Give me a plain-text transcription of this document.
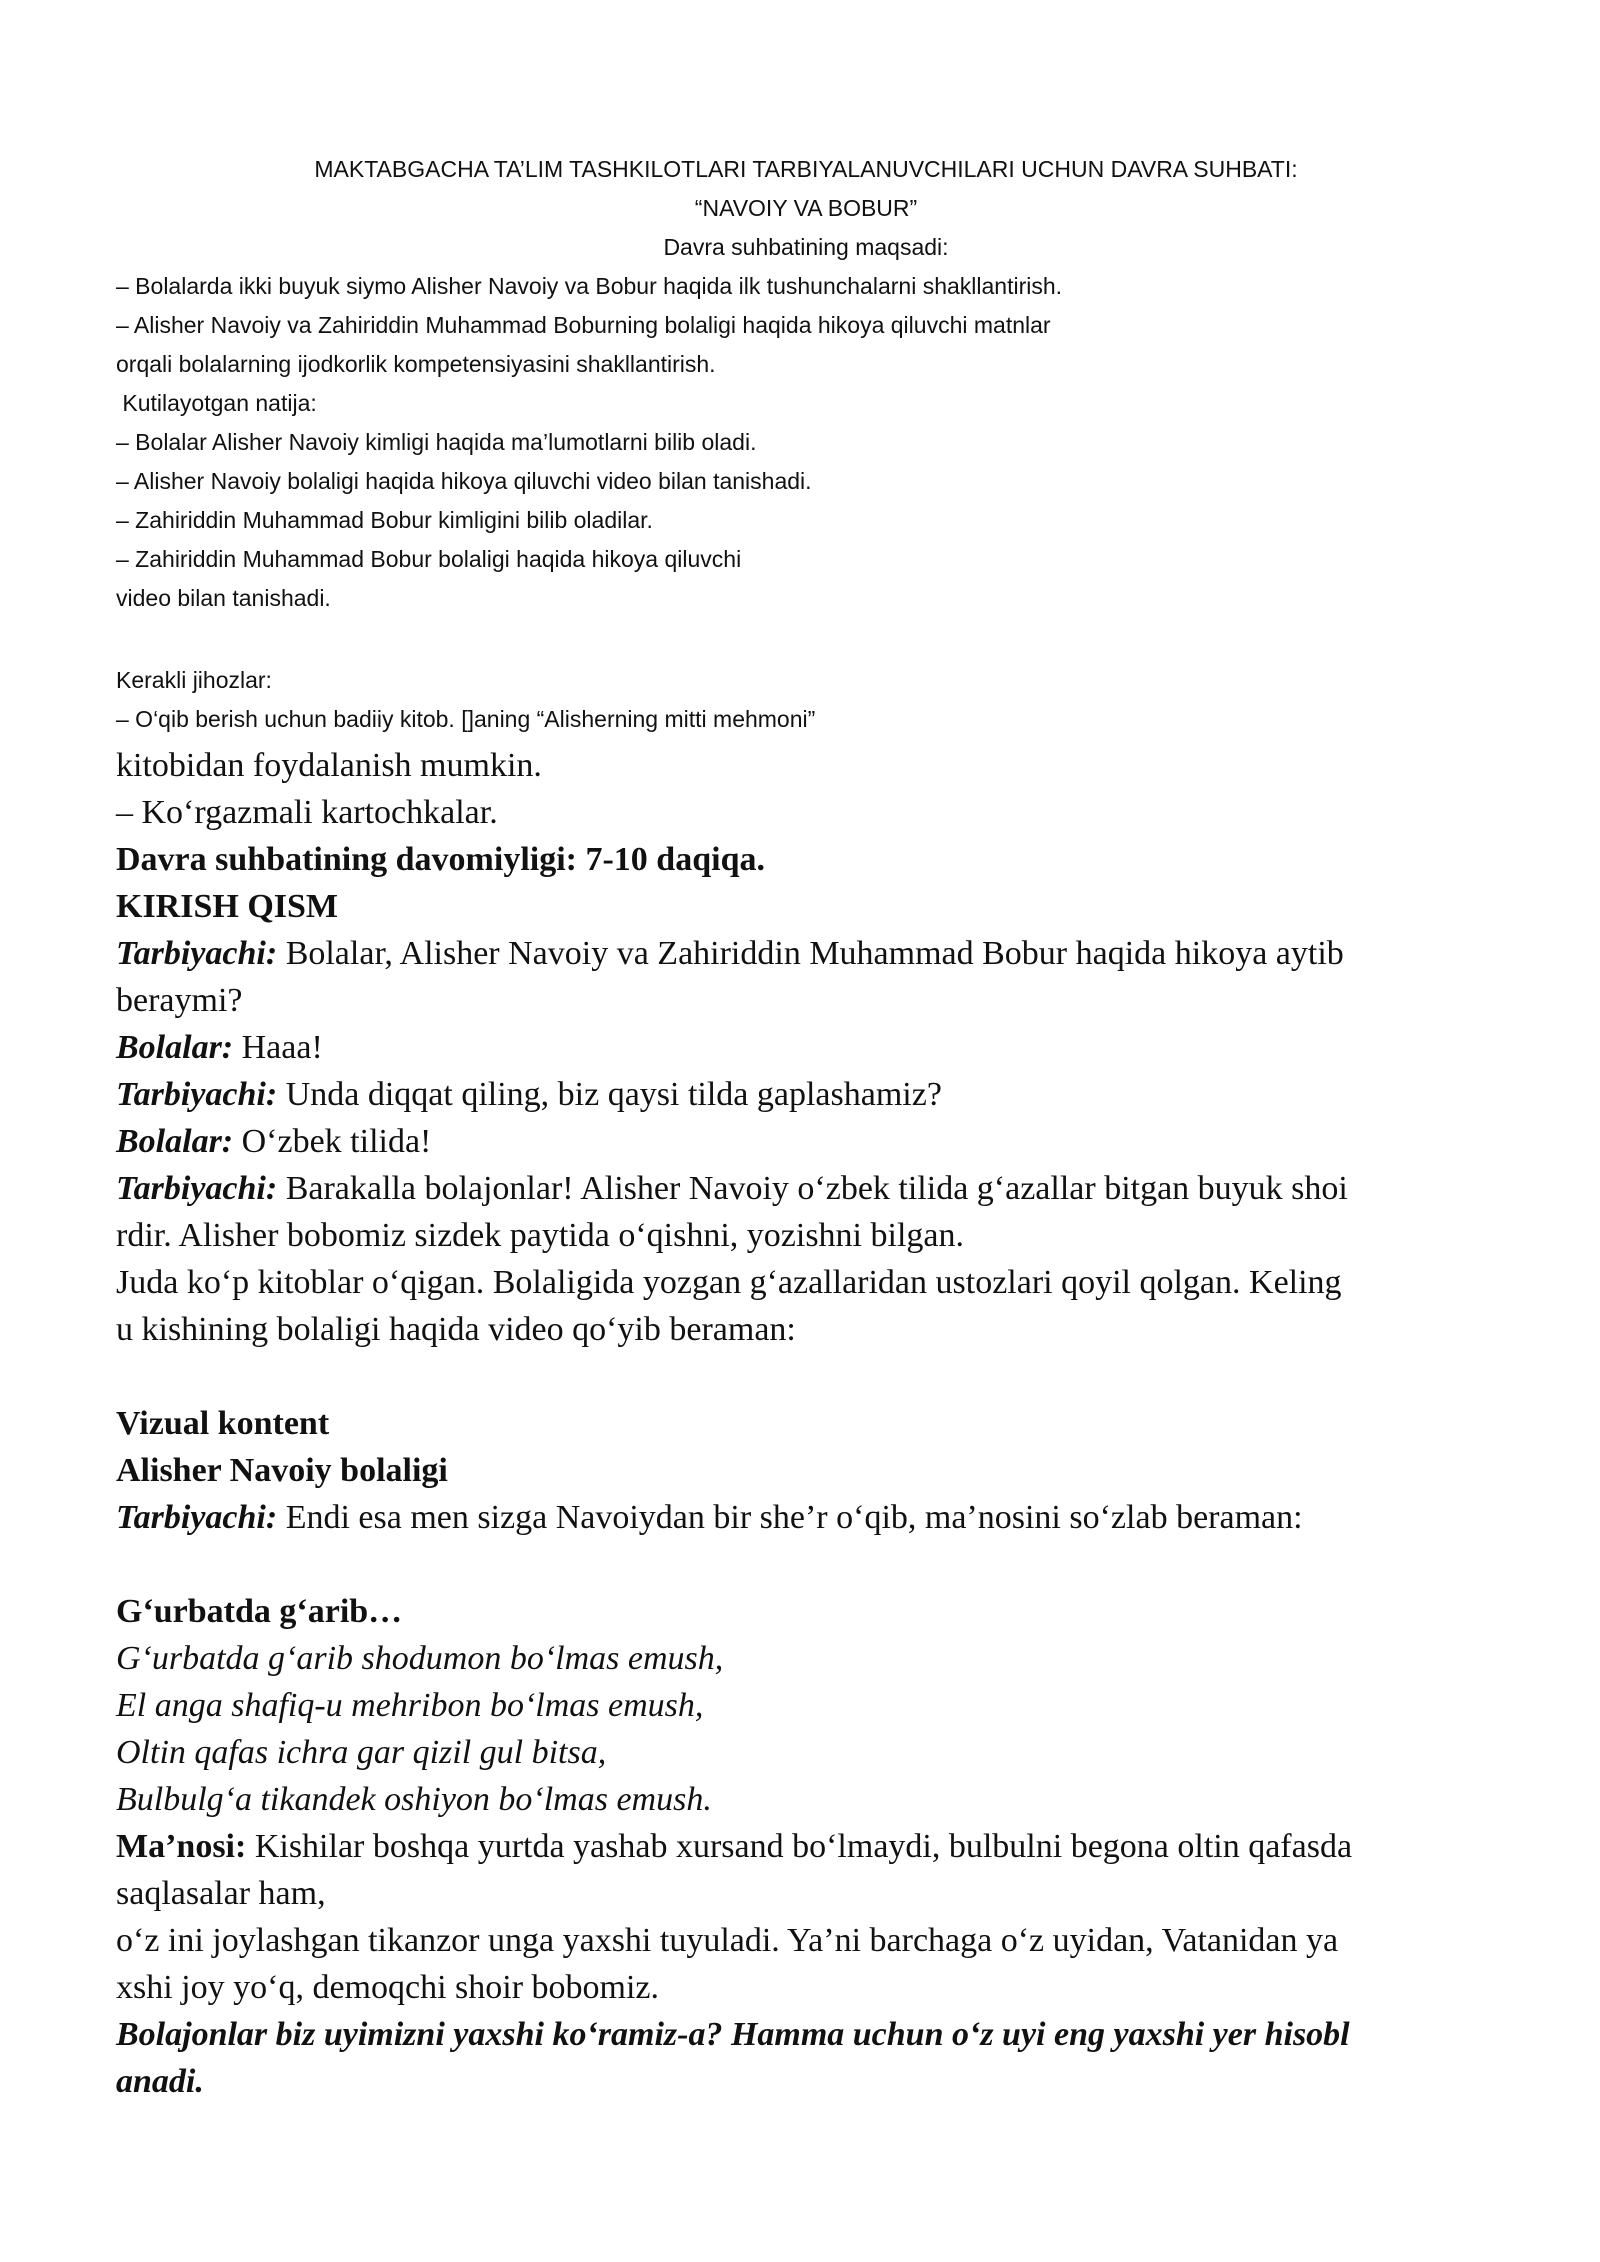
MAKTABGACHA TA’LIM TASHKILOTLARI TARBIYALANUVCHILARI UCHUN DAVRA SUHBATI:
“NAVOIY VA BOBUR”
Davra suhbatining maqsadi:
– Bolalarda ikki buyuk siymo Alisher Navoiy va Bobur haqida ilk tushunchalarni shakllantirish.
– Alisher Navoiy va Zahiriddin Muhammad Boburning bolaligi haqida hikoya qiluvchi matnlar
orqali bolalarning ijodkorlik kompetensiyasini shakllantirish.
Kutilayotgan natija:
– Bolalar Alisher Navoiy kimligi haqida ma’lumotlarni bilib oladi.
– Alisher Navoiy bolaligi haqida hikoya qiluvchi video bilan tanishadi.
– Zahiriddin Muhammad Bobur kimligini bilib oladilar.
– Zahiriddin Muhammad Bobur bolaligi haqida hikoya qiluvchi
video bilan tanishadi.
Kerakli jihozlar:
– O‘qib berish uchun badiiy kitob. []aning “Alisherning mitti mehmoni”
kitobidan foydalanish mumkin.
– Ko‘rgazmali kartochkalar.
Davra suhbatining davomiyligi: 7-10 daqiqa.
KIRISH QISM
Tarbiyachi: Bolalar, Alisher Navoiy va Zahiriddin Muhammad Bobur haqida hikoya aytib
beraymi?
Bolalar: Haaa!
Tarbiyachi: Unda diqqat qiling, biz qaysi tilda gaplashamiz?
Bolalar: O‘zbek tilida!
Tarbiyachi: Barakalla bolajonlar! Alisher Navoiy o‘zbek tilida g‘azallar bitgan buyuk shoi
rdir. Alisher bobomiz sizdek paytida o‘qishni, yozishni bilgan.
Juda ko‘p kitoblar o‘qigan. Bolaligida yozgan g‘azallaridan ustozlari qoyil qolgan. Keling
u kishining bolaligi haqida video qo‘yib beraman:

Vizual kontent
Alisher Navoiy bolaligi
Tarbiyachi: Endi esa men sizga Navoiydan bir she’r o‘qib, ma’nosini so‘zlab beraman:

G‘urbatda g‘arib…
G‘urbatda g‘arib shodumon bo‘lmas emush,
El anga shafiq-u mehribon bo‘lmas emush,
Oltin qafas ichra gar qizil gul bitsa,
Bulbulg‘a tikandek oshiyon bo‘lmas emush.
Ma’nosi: Kishilar boshqa yurtda yashab xursand bo‘lmaydi, bulbulni begona oltin qafasda
saqlasalar ham,
o‘z ini joylashgan tikanzor unga yaxshi tuyuladi. Ya’ni barchaga o‘z uyidan, Vatanidan ya
xshi joy yo‘q, demoqchi shoir bobomiz.
Bolajonlar biz uyimizni yaxshi ko‘ramiz-a? Hamma uchun o‘z uyi eng yaxshi yer hisobl
anadi.
